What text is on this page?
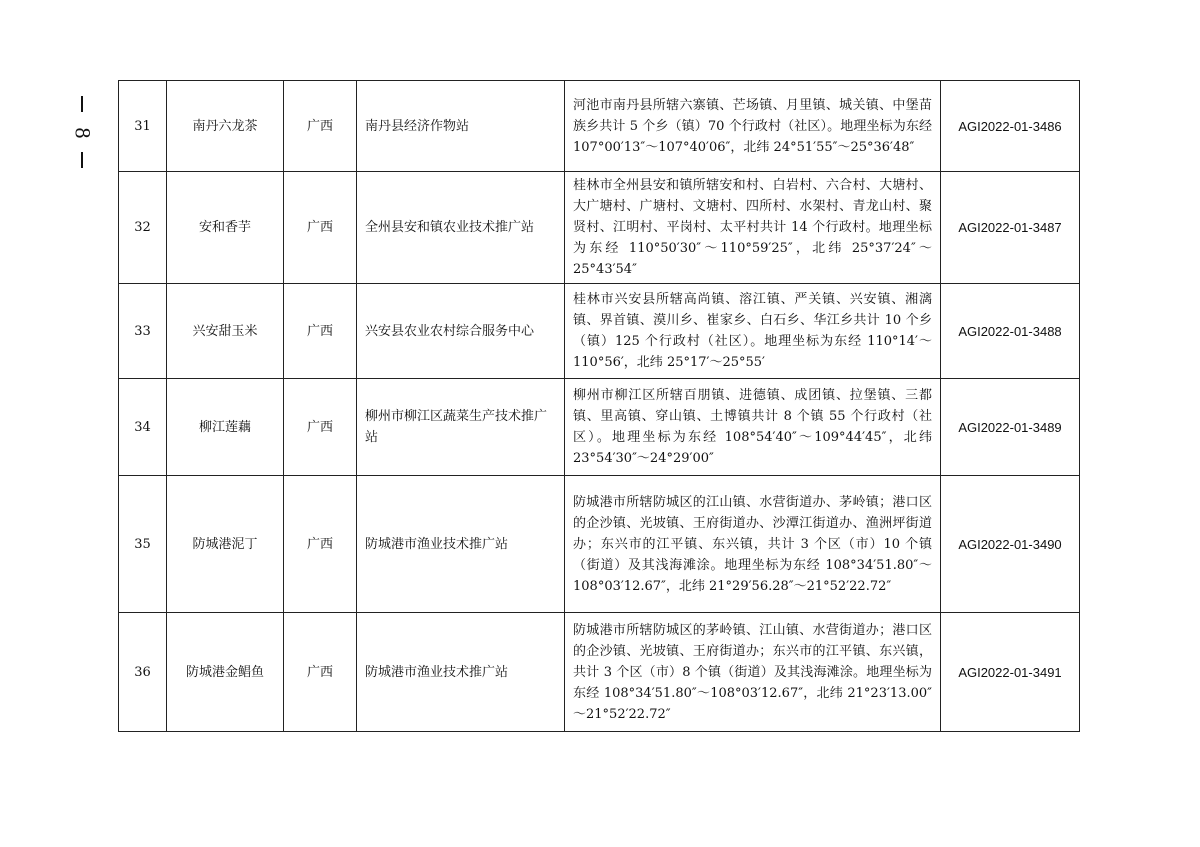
8	31	南丹六龙茶	广西	南丹县经济作物站	河池市南丹县所辖六寨镇、芒场镇、月里镇、城关镇、中堡苗族乡共计 5 个乡（镇）70 个行政村（社区）。地理坐标为东经 107°00′13″～107°40′06″，北纬 24°51′55″～25°36′48″	AGI2022-01-3486
32	安和香芋	广西	全州县安和镇农业技术推广站	桂林市全州县安和镇所辖安和村、白岩村、六合村、大塘村、大广塘村、广塘村、文塘村、四所村、水架村、青龙山村、聚贤村、江明村、平岗村、太平村共计 14 个行政村。地理坐标为东经 110°50′30″～110°59′25″，北纬 25°37′24″～25°43′54″	AGI2022-01-3487
33	兴安甜玉米	广西	兴安县农业农村综合服务中心	桂林市兴安县所辖高尚镇、溶江镇、严关镇、兴安镇、湘漓镇、界首镇、漠川乡、崔家乡、白石乡、华江乡共计 10 个乡（镇）125 个行政村（社区）。地理坐标为东经 110°14′～110°56′，北纬 25°17′～25°55′	AGI2022-01-3488
34	柳江莲藕	广西	柳州市柳江区蔬菜生产技术推广站	柳州市柳江区所辖百朋镇、进德镇、成团镇、拉堡镇、三都镇、里高镇、穿山镇、土博镇共计 8 个镇 55 个行政村（社区）。地理坐标为东经 108°54′40″～109°44′45″，北纬 23°54′30″～24°29′00″	AGI2022-01-3489
35	防城港泥丁	广西	防城港市渔业技术推广站	防城港市所辖防城区的江山镇、水营街道办、茅岭镇；港口区的企沙镇、光坡镇、王府街道办、沙潭江街道办、渔洲坪街道办；东兴市的江平镇、东兴镇，共计 3 个区（市）10 个镇（街道）及其浅海滩涂。地理坐标为东经 108°34′51.80″～108°03′12.67″，北纬 21°29′56.28″～21°52′22.72″	AGI2022-01-3490
36	防城港金鲳鱼	广西	防城港市渔业技术推广站	防城港市所辖防城区的茅岭镇、江山镇、水营街道办；港口区的企沙镇、光坡镇、王府街道办；东兴市的江平镇、东兴镇，共计 3 个区（市）8 个镇（街道）及其浅海滩涂。地理坐标为东经 108°34′51.80″～108°03′12.67″，北纬 21°23′13.00″～21°52′22.72″	AGI2022-01-3491
